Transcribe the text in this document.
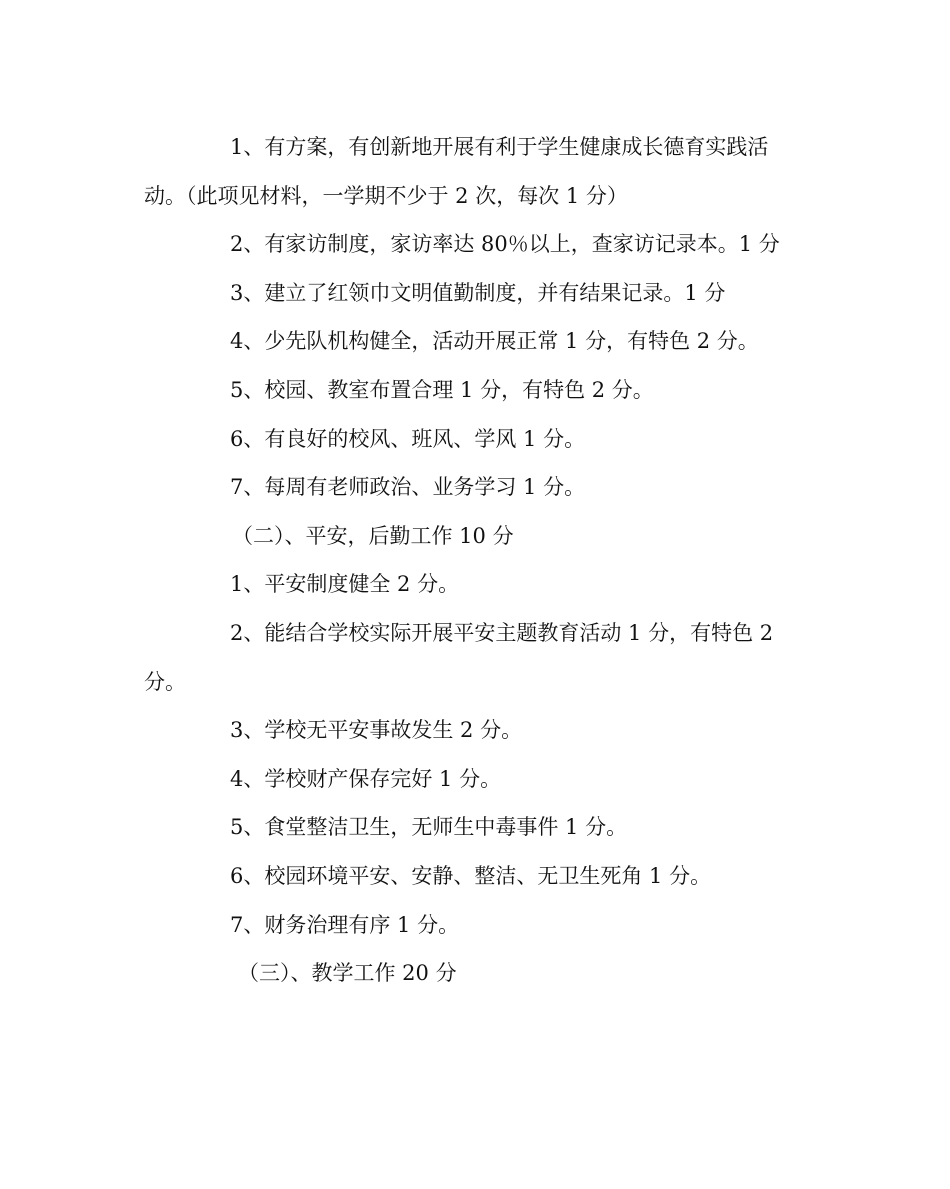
1、有方案，有创新地开展有利于学生健康成长德育实践活
动。（此项见材料，一学期不少于 2 次，每次 1 分）
2、有家访制度，家访率达 80％以上，查家访记录本。1 分
3、建立了红领巾文明值勤制度，并有结果记录。1 分
4、少先队机构健全，活动开展正常 1 分，有特色 2 分。
5、校园、教室布置合理 1 分，有特色 2 分。
6、有良好的校风、班风、学风 1 分。
7、每周有老师政治、业务学习 1 分。
（二）、平安，后勤工作 10 分
1、平安制度健全 2 分。
2、能结合学校实际开展平安主题教育活动 1 分，有特色 2
分。
3、学校无平安事故发生 2 分。
4、学校财产保存完好 1 分。
5、食堂整洁卫生，无师生中毒事件 1 分。
6、校园环境平安、安静、整洁、无卫生死角 1 分。
7、财务治理有序 1 分。
（三）、教学工作 20 分
